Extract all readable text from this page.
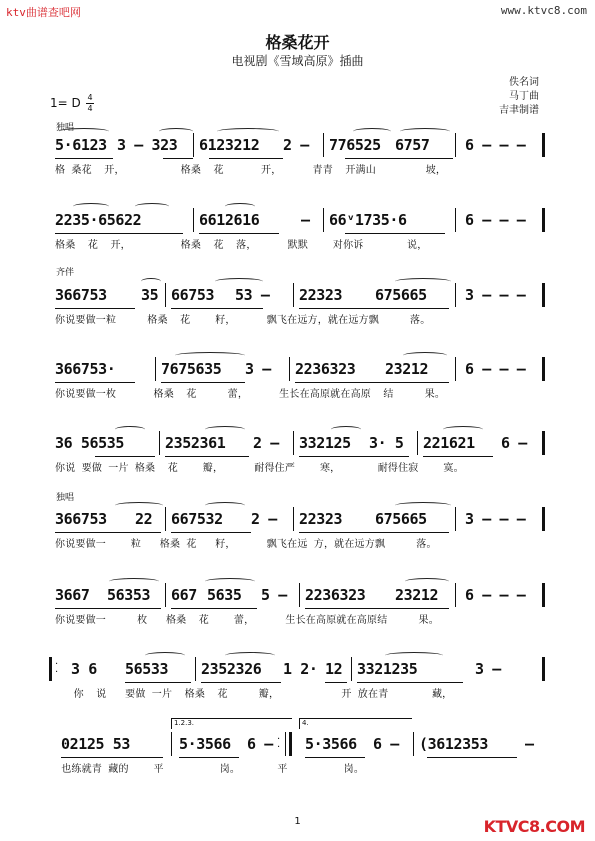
ktv曲谱查吧网	www.ktvc8.com
格桑花开
电视剧《雪域高原》插曲
佚名词
马丁曲
吉聿制谱
1= D 4
4
独唱
齐伴
独唱
5·6123 3 – 323 6123212 2 – 776525 6757 6 – – –
格 桑花  开，         格桑  花      开，     青青  开满山        坡，
2235·65622	6612616	– 66ᵛ1735·6	6 – – –
格桑  花  开，        格桑  花  落，     默默    对你诉       说，
366753 35 66753 53 – 22323 675665	3 – – –
你说要做一粒     格桑  花    籽，     飘飞在远方，就在远方飘     落。
366753·	7675635 3 – 2236323 23212 6 – – –
你说要做一枚      格桑  花     蕾，     生长在高原就在高原  结     果。
36 56535	2352361 2 – 332125 3· 5 221621 6 –
你说 要做 一片 格桑  花    瓣，     耐得住严    寒，      耐得住寂    寞。
366753 22 667532 2 – 22323 675665	3 – – –
你说要做一    粒   格桑 花   籽，     飘飞在远 方，就在远方飘     落。
3667 56353 667 5635 5 – 2236323 23212 6 – – –
你说要做一     枚   格桑  花    蕾，     生长在高原就在高原结     果。
·
· 3 6 56533 2352326 1 2· 12 3321235	3 –
你  说   要做 一片  格桑  花     瓣，          开 放在青       藏，
02125 53
1.2.3.
5·3566 6 – ·
·
4.
5·3566 6 – (3612353 –
也练就青 藏的    平         岗。      平         岗。
1	KTVC8.COM
